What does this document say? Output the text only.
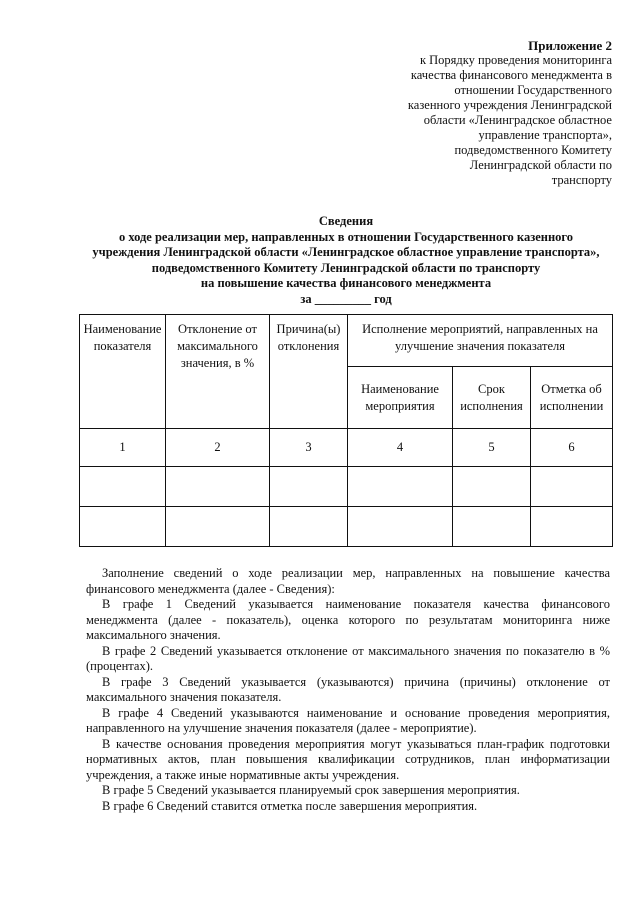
Приложение 2
к Порядку проведения мониторинга
качества финансового менеджмента в
отношении Государственного
казенного учреждения Ленинградской
области «Ленинградское областное
управление транспорта»,
подведомственного Комитету
Ленинградской области по
транспорту
Сведения
о ходе реализации мер, направленных в отношении Государственного казенного
учреждения Ленинградской области «Ленинградское областное управление транспорта»,
подведомственного Комитету Ленинградской области по транспорту
на повышение качества финансового менеджмента
за _________ год
Наименование показателя	Отклонение от максимального значения, в %	Причина(ы) отклонения	Исполнение мероприятий, направленных на улучшение значения показателя		
			Наименование мероприятия	Срок исполнения	Отметка об исполнении
1	2	3	4	5	6

Заполнение сведений о ходе реализации мер, направленных на повышение качества финансового менеджмента (далее - Сведения):

В графе 1 Сведений указывается наименование показателя качества финансового менеджмента (далее - показатель), оценка которого по результатам мониторинга ниже максимального значения.

В графе 2 Сведений указывается отклонение от максимального значения по показателю в % (процентах).

В графе 3 Сведений указывается (указываются) причина (причины) отклонение от максимального значения показателя.

В графе 4 Сведений указываются наименование и основание проведения мероприятия, направленного на улучшение значения показателя (далее - мероприятие).

В качестве основания проведения мероприятия могут указываться план-график подготовки нормативных актов, план повышения квалификации сотрудников, план информатизации учреждения, а также иные нормативные акты учреждения.

В графе 5 Сведений указывается планируемый срок завершения мероприятия.

В графе 6 Сведений ставится отметка после завершения мероприятия.
